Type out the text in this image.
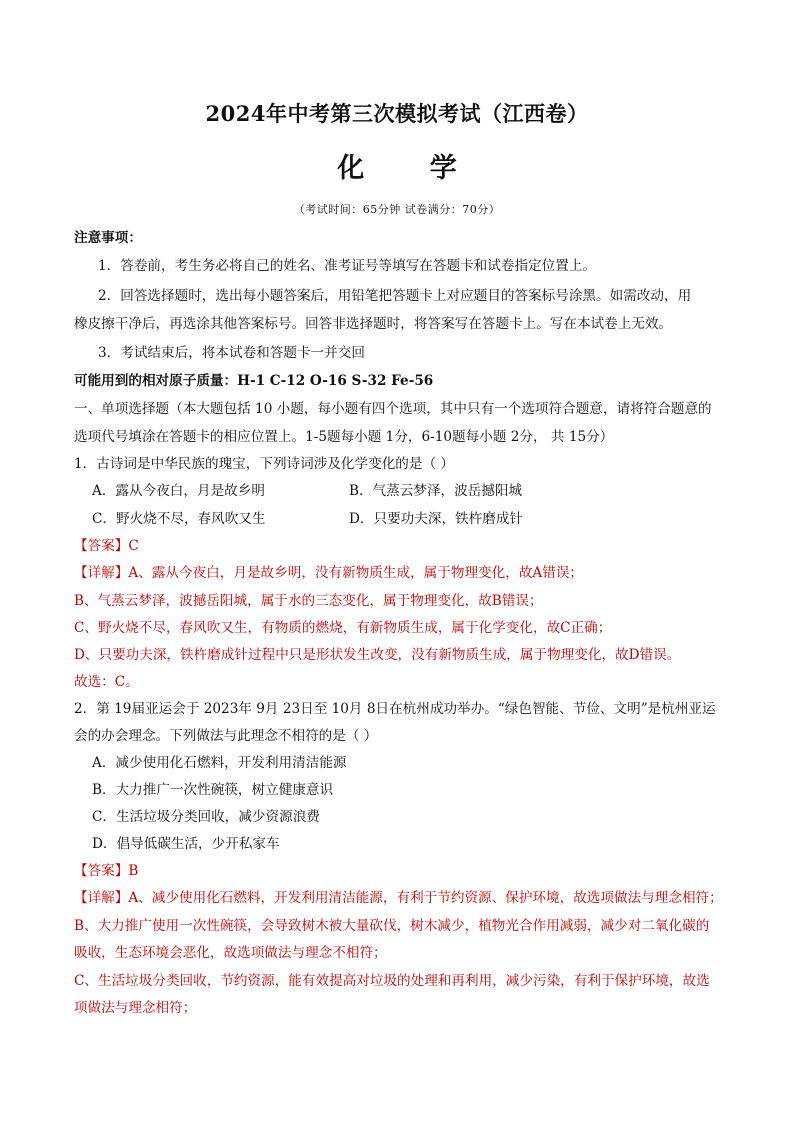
2024年中考第三次模拟考试（江西卷）
化 学
（考试时间：65分钟 试卷满分：70分）
注意事项：
1．答卷前，考生务必将自己的姓名、准考证号等填写在答题卡和试卷指定位置上。
2．回答选择题时，选出每小题答案后，用铅笔把答题卡上对应题目的答案标号涂黑。如需改动，用
橡皮擦干净后，再选涂其他答案标号。回答非选择题时，将答案写在答题卡上。写在本试卷上无效。
3．考试结束后，将本试卷和答题卡一并交回
可能用到的相对原子质量：H-1 C-12 O-16 S-32 Fe-56
一、单项选择题（本大题包括 10 小题，每小题有四个选项，其中只有一个选项符合题意，请将符合题意的
选项代号填涂在答题卡的相应位置上。1-5题每小题 1分，6-10题每小题 2分， 共 15分）
1．古诗词是中华民族的瑰宝，下列诗词涉及化学变化的是（ ）
A．露从今夜白，月是故乡明	B．气蒸云梦泽，波岳撼阳城
C．野火烧不尽，春风吹又生	D．只要功夫深，铁杵磨成针
【答案】C
【详解】A、露从今夜白，月是故乡明，没有新物质生成，属于物理变化，故A错误；
B、气蒸云梦泽，波撼岳阳城，属于水的三态变化，属于物理变化，故B错误；
C、野火烧不尽，春风吹又生，有物质的燃烧，有新物质生成，属于化学变化，故C正确；
D、只要功夫深，铁杵磨成针过程中只是形状发生改变，没有新物质生成，属于物理变化，故D错误。
故选：C。
2．第 19届亚运会于 2023年 9月 23日至 10月 8日在杭州成功举办。“绿色智能、节俭、文明”是杭州亚运
会的办会理念。下列做法与此理念不相符的是（ ）
A．减少使用化石燃料，开发利用清洁能源
B．大力推广一次性碗筷，树立健康意识
C．生活垃圾分类回收，减少资源浪费
D．倡导低碳生活，少开私家车
【答案】B
【详解】A、减少使用化石燃料，开发利用清洁能源，有利于节约资源、保护环境，故选项做法与理念相符；
B、大力推广使用一次性碗筷，会导致树木被大量砍伐，树木减少，植物光合作用减弱，减少对二氧化碳的
吸收，生态环境会恶化，故选项做法与理念不相符；
C、生活垃圾分类回收，节约资源，能有效提高对垃圾的处理和再利用，减少污染，有利于保护环境，故选
项做法与理念相符；
